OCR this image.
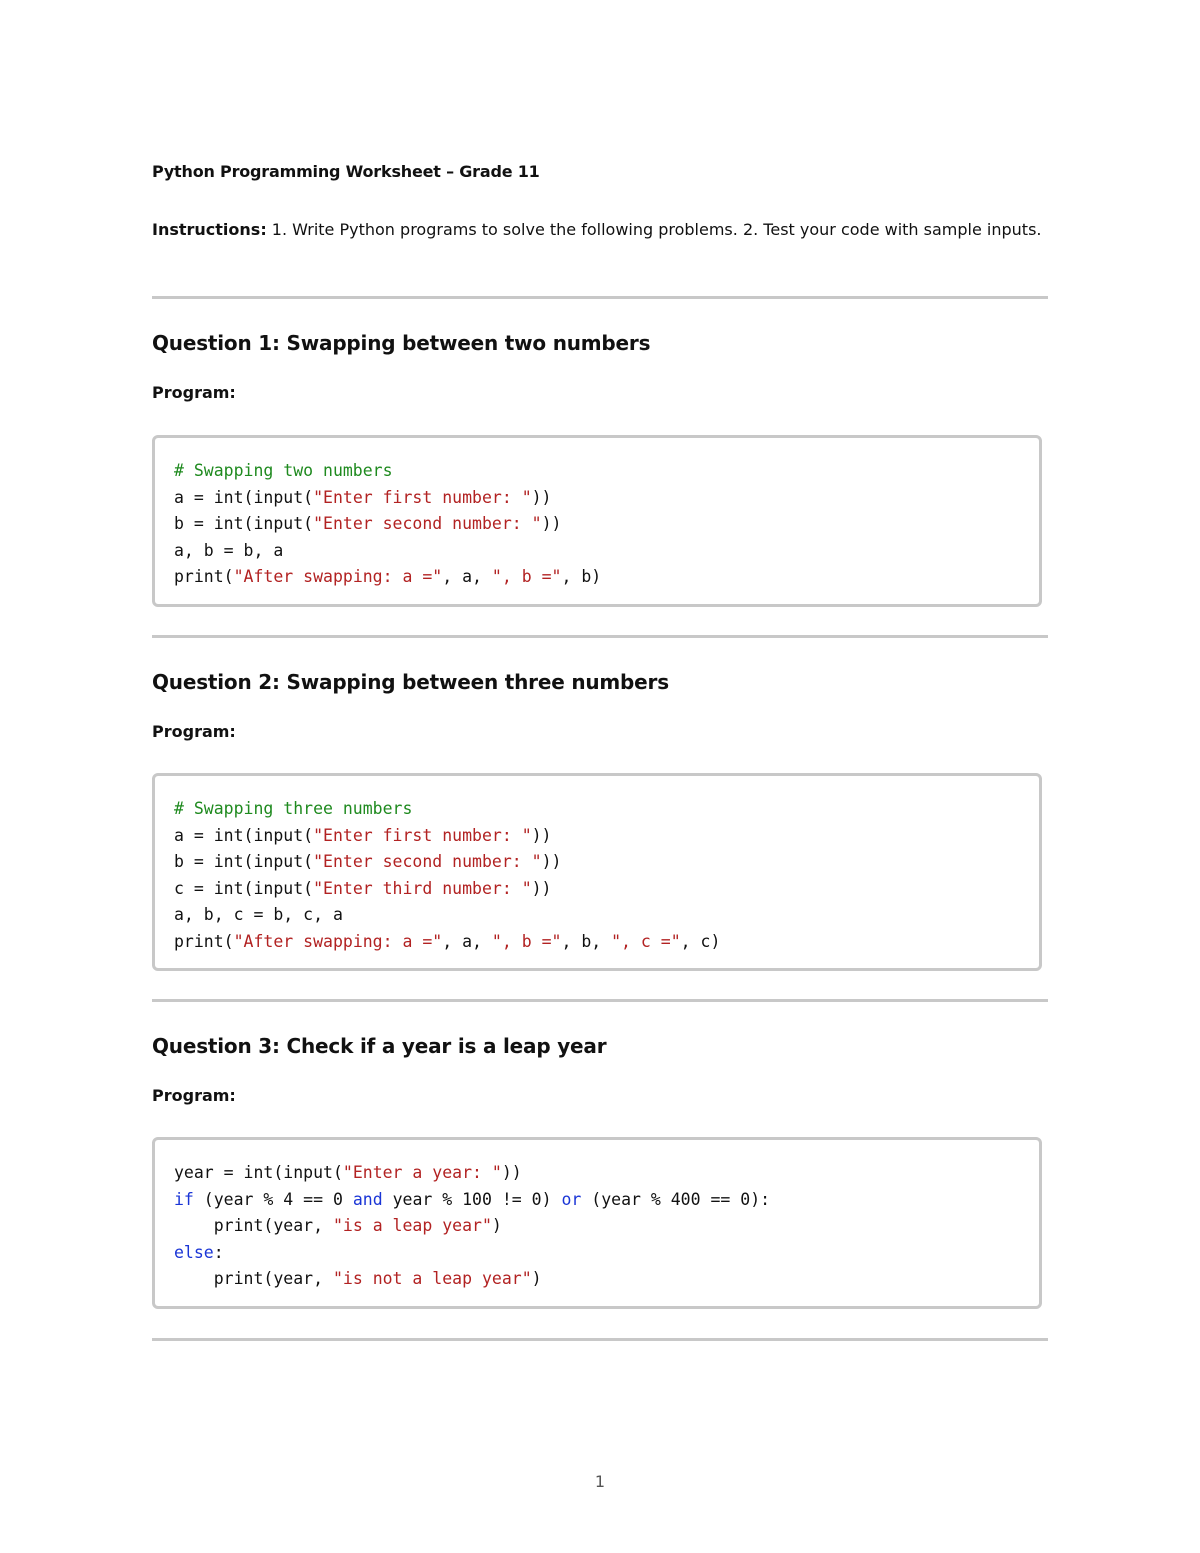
Python Programming Worksheet – Grade 11
Instructions: 1. Write Python programs to solve the following problems. 2. Test your code with sample inputs.
Question 1: Swapping between two numbers
Program:
# Swapping two numbers
a = int(input("Enter first number: "))
b = int(input("Enter second number: "))
a, b = b, a
print("After swapping: a =", a, ", b =", b)
Question 2: Swapping between three numbers
Program:
# Swapping three numbers
a = int(input("Enter first number: "))
b = int(input("Enter second number: "))
c = int(input("Enter third number: "))
a, b, c = b, c, a
print("After swapping: a =", a, ", b =", b, ", c =", c)
Question 3: Check if a year is a leap year
Program:
year = int(input("Enter a year: "))
if (year % 4 == 0 and year % 100 != 0) or (year % 400 == 0):
print(year, "is a leap year")
else:
print(year, "is not a leap year")
1
